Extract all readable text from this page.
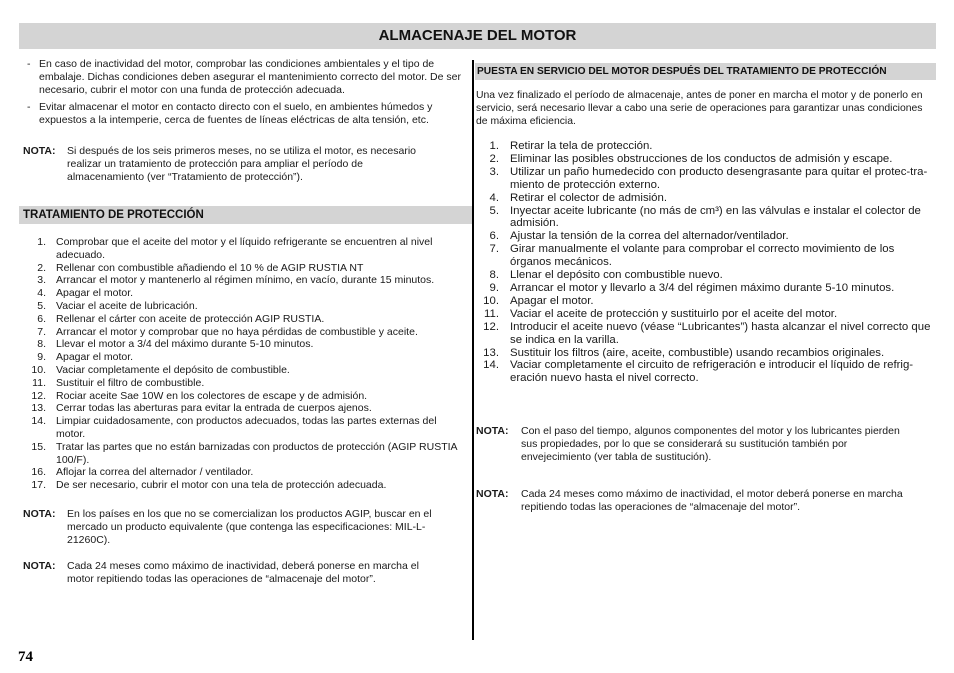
ALMACENAJE DEL MOTOR
- En caso de inactividad del motor, comprobar las condiciones ambientales y el tipo de embalaje. Dichas condiciones deben asegurar el mantenimiento correcto del motor. De ser necesario, cubrir el motor con una funda de protección adecuada.
- Evitar almacenar el motor en contacto directo con el suelo, en ambientes húmedos y expuestos a la intemperie, cerca de fuentes de líneas eléctricas de alta tensión, etc.
NOTA:	Si después de los seis primeros meses, no se utiliza el motor, es necesario realizar un tratamiento de protección para ampliar el período de almacenamiento (ver “Tratamiento de protección”).
TRATAMIENTO DE PROTECCIÓN
1. Comprobar que el aceite del motor y el líquido refrigerante se encuentren al nivel adecuado.
2. Rellenar con combustible añadiendo el 10 % de AGIP RUSTIA NT
3. Arrancar el motor y mantenerlo al régimen mínimo, en vacío, durante 15 minutos.
4. Apagar el motor.
5. Vaciar el aceite de lubricación.
6. Rellenar el cárter con aceite de protección AGIP RUSTIA.
7. Arrancar el motor y comprobar que no haya pérdidas de combustible y aceite.
8. Llevar el motor a 3/4 del máximo durante 5-10 minutos.
9. Apagar el motor.
10. Vaciar completamente el depósito de combustible.
11. Sustituir el filtro de combustible.
12. Rociar aceite Sae 10W en los colectores de escape y de admisión.
13. Cerrar todas las aberturas para evitar la entrada de cuerpos ajenos.
14. Limpiar cuidadosamente, con productos adecuados, todas las partes externas del motor.
15. Tratar las partes que no están barnizadas con productos de protección (AGIP RUSTIA 100/F).
16. Aflojar la correa del alternador / ventilador.
17. De ser necesario, cubrir el motor con una tela de protección adecuada.
NOTA:	En los países en los que no se comercializan los productos AGIP, buscar en el mercado un producto equivalente (que contenga las especificaciones: MIL-L-21260C).
NOTA:	Cada 24 meses como máximo de inactividad, deberá ponerse en marcha el motor repitiendo todas las operaciones de “almacenaje del motor”.
PUESTA EN SERVICIO DEL MOTOR DESPUÉS DEL TRATAMIENTO DE PROTECCIÓN
Una vez finalizado el período de almacenaje, antes de poner en marcha el motor y de ponerlo en servicio, será necesario llevar a cabo una serie de operaciones para garantizar unas condiciones de máxima eficiencia.
1. Retirar la tela de protección.
2. Eliminar las posibles obstrucciones de los conductos de admisión y escape.
3. Utilizar un paño humedecido con producto desengrasante para quitar el protec-tra-miento de protección externo.
4. Retirar el colector de admisión.
5. Inyectar aceite lubricante (no más de cm³) en las válvulas e instalar el colector de admisión.
6. Ajustar la tensión de la correa del alternador/ventilador.
7. Girar manualmente el volante para comprobar el correcto movimiento de los órganos mecánicos.
8. Llenar el depósito con combustible nuevo.
9. Arrancar el motor y llevarlo a 3/4 del régimen máximo durante 5-10 minutos.
10. Apagar el motor.
11. Vaciar el aceite de protección y sustituirlo por el aceite del motor.
12. Introducir el aceite nuevo (véase “Lubricantes”) hasta alcanzar el nivel correcto que se indica en la varilla.
13. Sustituir los filtros (aire, aceite, combustible) usando recambios originales.
14. Vaciar completamente el circuito de refrigeración e introducir el líquido de refrig-eración nuevo hasta el nivel correcto.
NOTA:	Con el paso del tiempo, algunos componentes del motor y los lubricantes pierden sus propiedades, por lo que se considerará su sustitución también por envejecimiento (ver tabla de sustitución).
NOTA:	Cada 24 meses como máximo de inactividad, el motor deberá ponerse en marcha repitiendo todas las operaciones de “almacenaje del motor”.
74
